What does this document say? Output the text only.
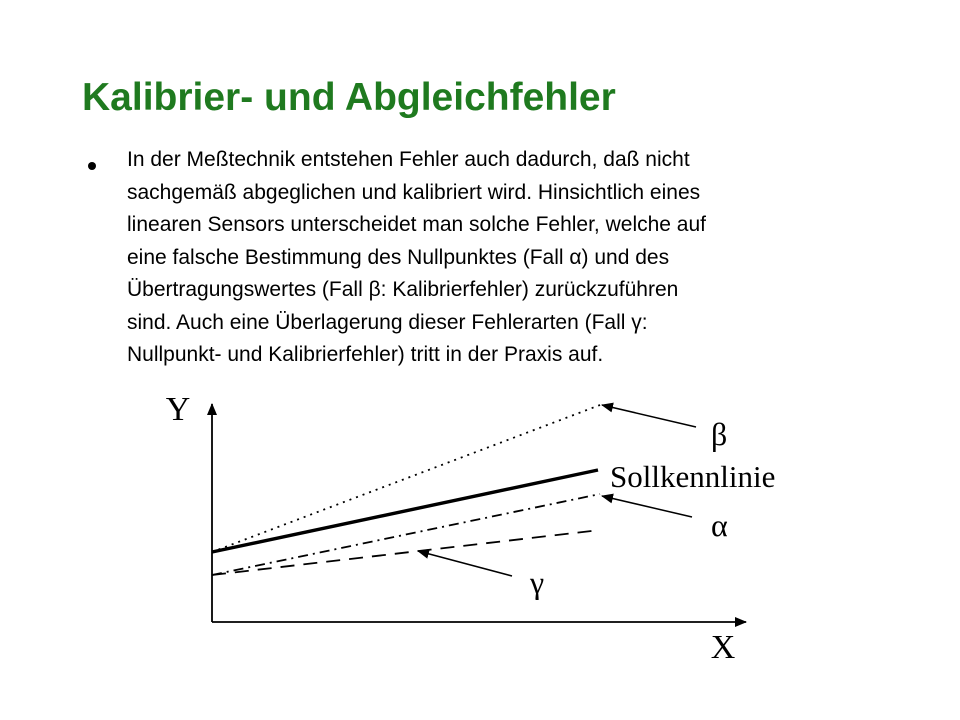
Kalibrier- und Abgleichfehler
In der Meßtechnik entstehen Fehler auch dadurch, daß nicht
sachgemäß abgeglichen und kalibriert wird. Hinsichtlich eines
linearen Sensors unterscheidet man solche Fehler, welche auf
eine falsche Bestimmung des Nullpunktes (Fall α) und des
Übertragungswertes (Fall β: Kalibrierfehler) zurückzuführen
sind. Auch eine Überlagerung dieser Fehlerarten (Fall γ:
Nullpunkt- und Kalibrierfehler) tritt in der Praxis auf.
Y
X
β
Sollkennlinie
α
γ
